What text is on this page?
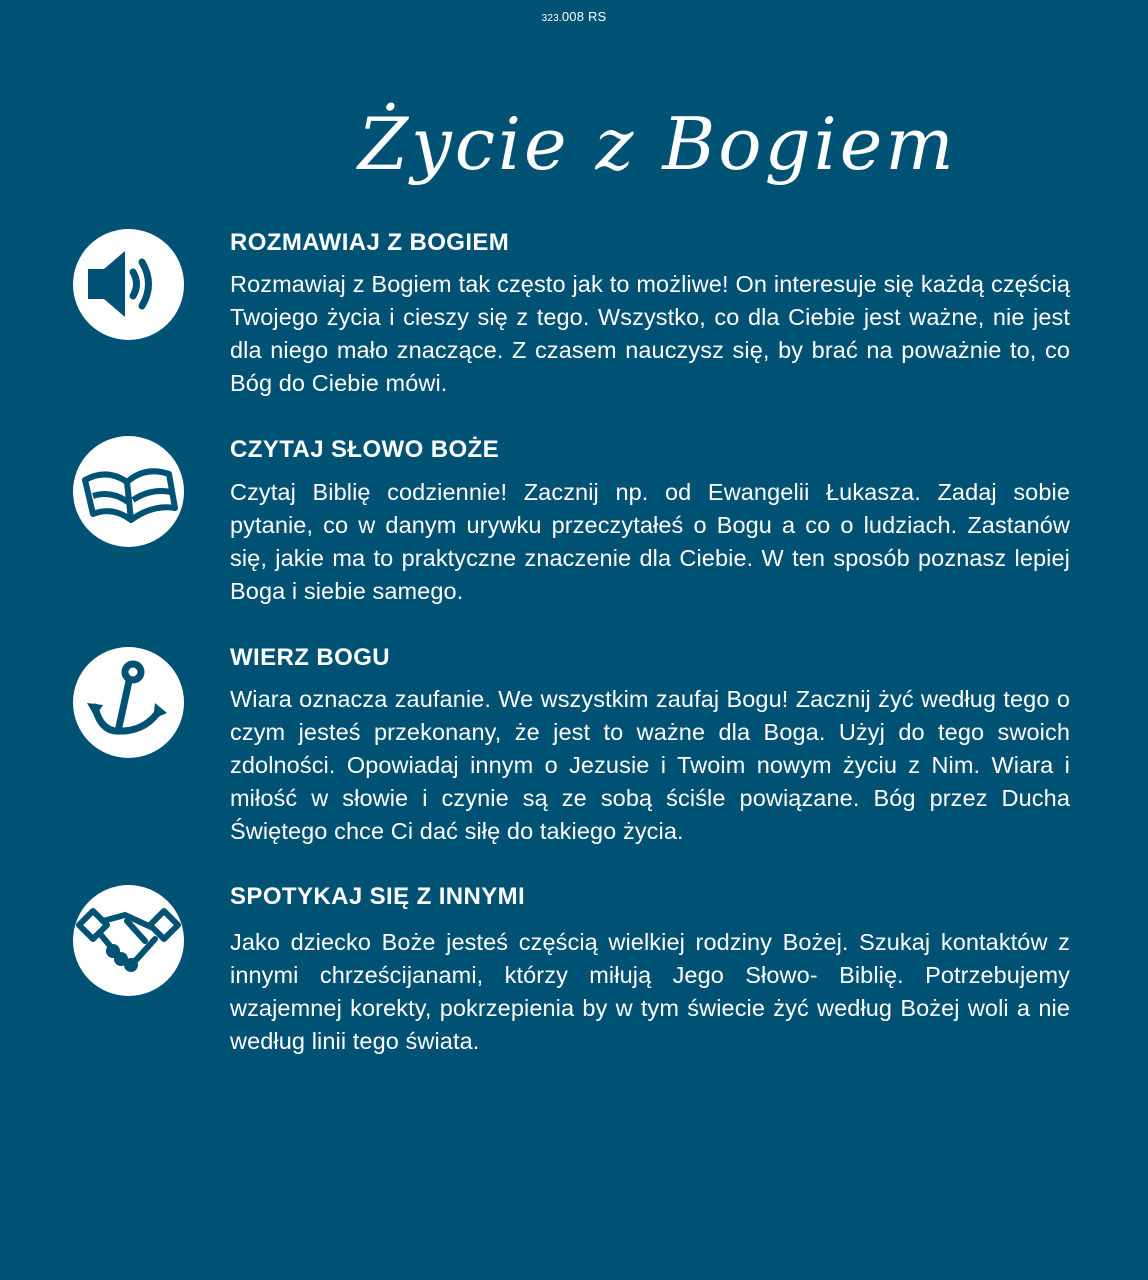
323.008 RS
Życie z Bogiem
ROZMAWIAJ Z BOGIEM
Rozmawiaj z Bogiem tak często jak to możliwe! On interesuje się każdą częścią Twojego życia i cieszy się z tego. Wszystko, co dla Ciebie jest ważne, nie jest dla niego mało znaczące. Z czasem nauczysz się, by brać na poważnie to, co Bóg do Ciebie mówi.
CZYTAJ SŁOWO BOŻE
Czytaj Biblię codziennie! Zacznij np. od Ewangelii Łukasza. Zadaj sobie pytanie, co w danym urywku przeczytałeś o Bogu a co o ludziach. Zastanów się, jakie ma to praktyczne znaczenie dla Ciebie. W ten sposób poznasz lepiej Boga i siebie samego.
WIERZ BOGU
Wiara oznacza zaufanie. We wszystkim zaufaj Bogu! Zacznij żyć według tego o czym jesteś przekonany, że jest to ważne dla Boga. Użyj do tego swoich zdolności. Opowiadaj innym o Jezusie i Twoim nowym życiu z Nim. Wiara i miłość w słowie i czynie są ze sobą ściśle powiązane. Bóg przez Ducha Świętego chce Ci dać siłę do takiego życia.
SPOTYKAJ SIĘ Z INNYMI
Jako dziecko Boże jesteś częścią wielkiej rodziny Bożej. Szukaj kontaktów z innymi chrześcijanami, którzy miłują Jego Słowo- Biblię. Potrzebujemy wzajemnej korekty, pokrzepienia by w tym świecie żyć według Bożej woli a nie według linii tego świata.
